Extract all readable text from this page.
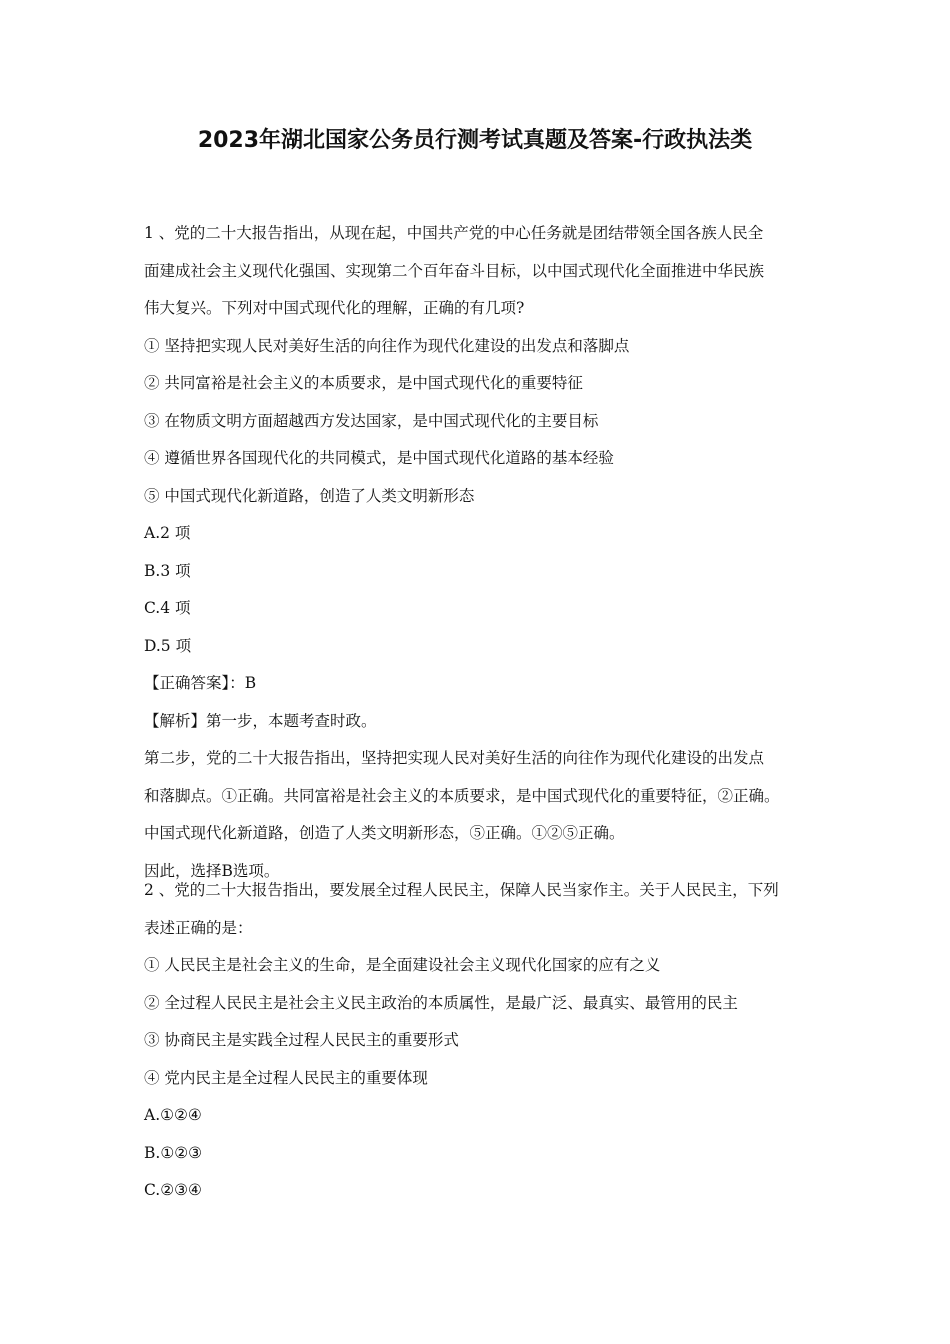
2023年湖北国家公务员行测考试真题及答案-行政执法类
1 、党的二十大报告指出，从现在起，中国共产党的中心任务就是团结带领全国各族人民全
面建成社会主义现代化强国、实现第二个百年奋斗目标，以中国式现代化全面推进中华民族
伟大复兴。下列对中国式现代化的理解，正确的有几项?
① 坚持把实现人民对美好生活的向往作为现代化建设的出发点和落脚点
② 共同富裕是社会主义的本质要求，是中国式现代化的重要特征
③ 在物质文明方面超越西方发达国家，是中国式现代化的主要目标
④ 遵循世界各国现代化的共同模式，是中国式现代化道路的基本经验
⑤ 中国式现代化新道路，创造了人类文明新形态
A.2 项
B.3 项
C.4 项
D.5 项
【正确答案】：B
【解析】第一步，本题考查时政。
第二步，党的二十大报告指出，坚持把实现人民对美好生活的向往作为现代化建设的出发点
和落脚点。①正确。共同富裕是社会主义的本质要求，是中国式现代化的重要特征，②正确。
中国式现代化新道路，创造了人类文明新形态，⑤正确。①②⑤正确。
因此，选择B选项。
2 、党的二十大报告指出，要发展全过程人民民主，保障人民当家作主。关于人民民主，下列
表述正确的是：
① 人民民主是社会主义的生命，是全面建设社会主义现代化国家的应有之义
② 全过程人民民主是社会主义民主政治的本质属性，是最广泛、最真实、最管用的民主
③ 协商民主是实践全过程人民民主的重要形式
④ 党内民主是全过程人民民主的重要体现
A.①②④
B.①②③
C.②③④
